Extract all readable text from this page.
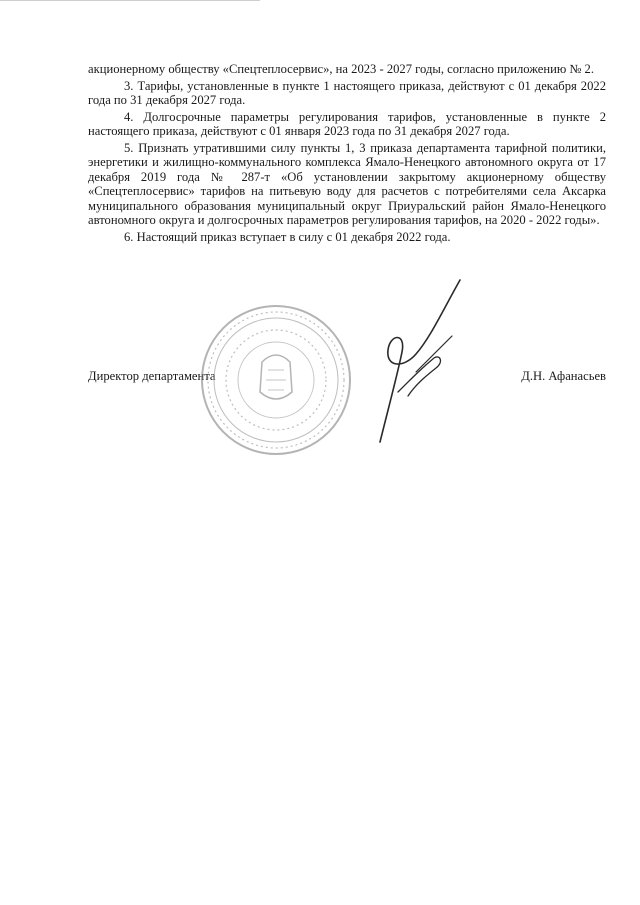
акционерному обществу «Спецтеплосервис», на 2023 - 2027 годы, согласно приложению № 2.

3. Тарифы, установленные в пункте 1 настоящего приказа, действуют с 01 декабря 2022 года по 31 декабря 2027 года.

4. Долгосрочные параметры регулирования тарифов, установленные в пункте 2 настоящего приказа, действуют с 01 января 2023 года по 31 декабря 2027 года.

5. Признать утратившими силу пункты 1, 3 приказа департамента тарифной политики, энергетики и жилищно-коммунального комплекса Ямало-Ненецкого автономного округа от 17 декабря 2019 года № 287-т «Об установлении закрытому акционерному обществу «Спецтеплосервис» тарифов на питьевую воду для расчетов с потребителями села Аксарка муниципального образования муниципальный округ Приуральский район Ямало-Ненецкого автономного округа и долгосрочных параметров регулирования тарифов, на 2020 - 2022 годы».

6. Настоящий приказ вступает в силу с 01 декабря 2022 года.

Директор департамента	Д.Н. Афанасьев
